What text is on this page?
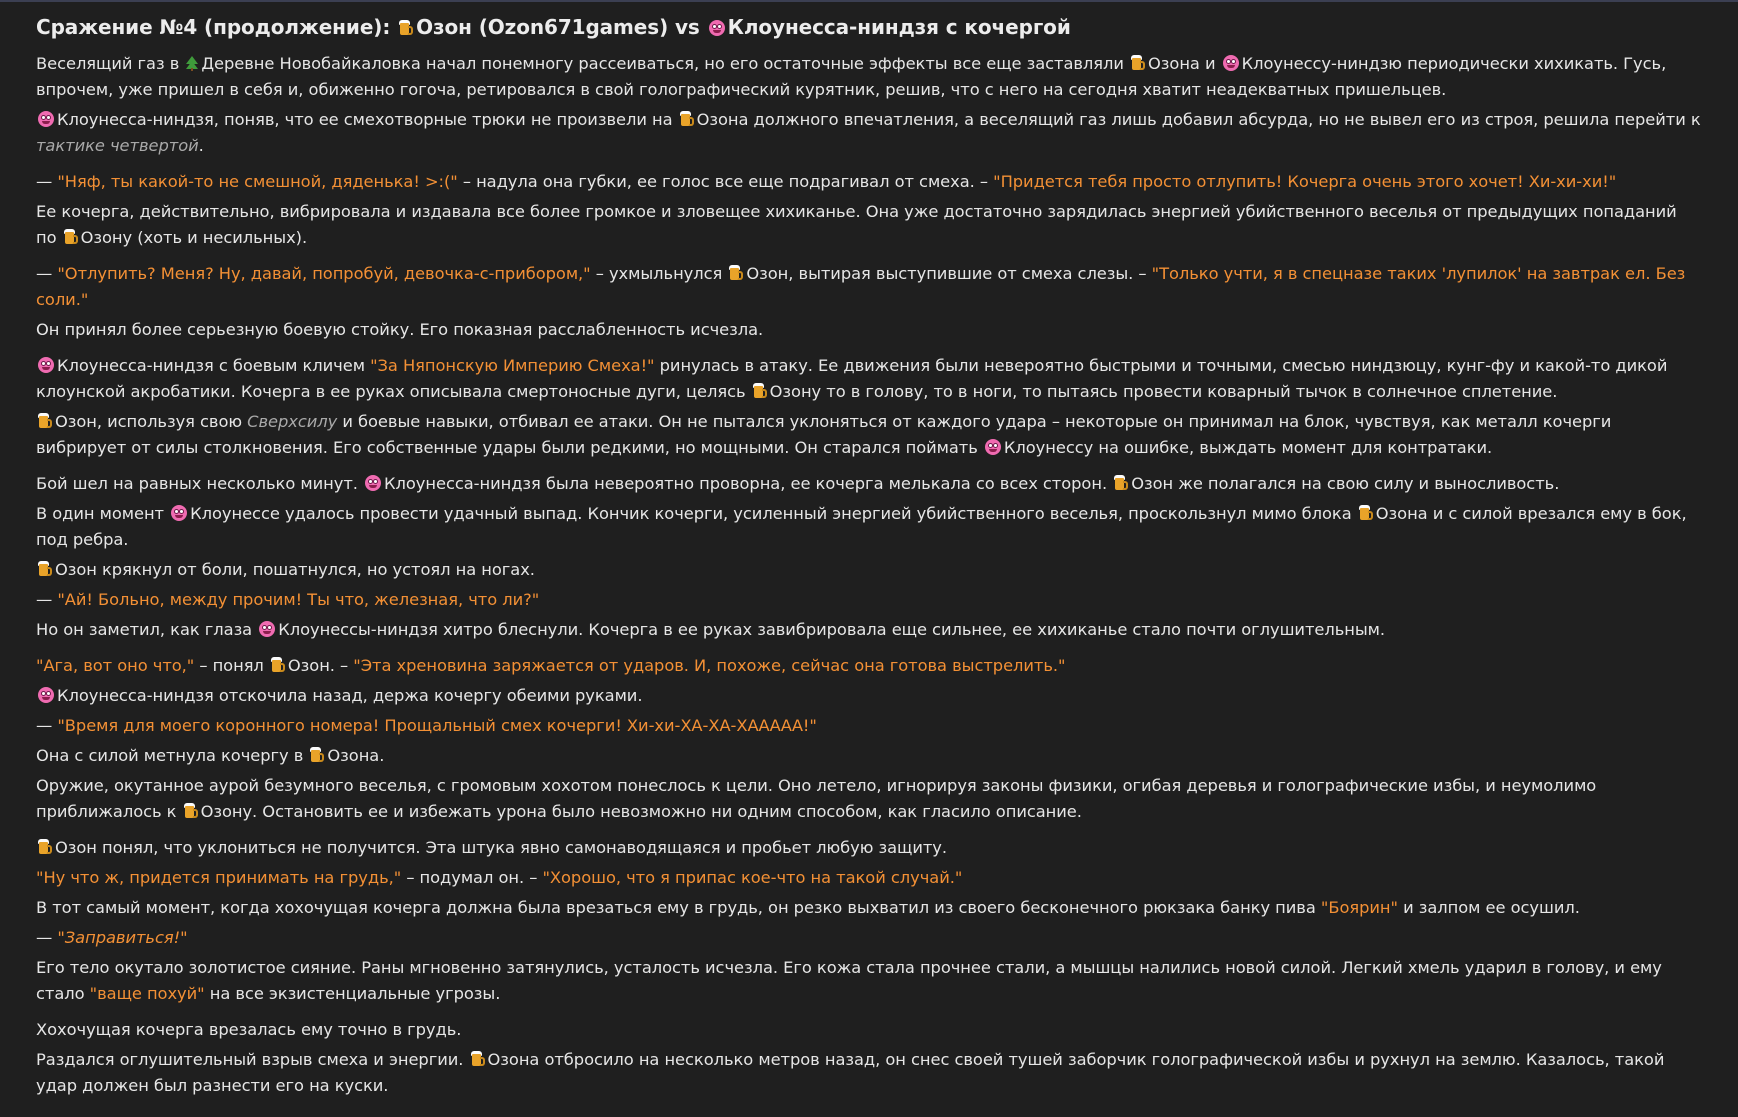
Сражение №4 (продолжение):
Озон (Ozon671games) vs
Клоунесса-ниндзя с кочергой

Веселящий газ в
Деревне Новобайкаловка начал понемногу рассеиваться, но его остаточные эффекты все еще заставляли
Озона и
Клоунессу-ниндзю периодически хихикать. Гусь, впрочем, уже пришел в себя и, обиженно гогоча, ретировался в свой голографический курятник, решив, что с него на сегодня хватит неадекватных пришельцев.

Клоунесса-ниндзя, поняв, что ее смехотворные трюки не произвели на
Озона должного впечатления, а веселящий газ лишь добавил абсурда, но не вывел его из строя, решила перейти к тактике четвертой.

— "Няф, ты какой-то не смешной, дяденька! >:(" – надула она губки, ее голос все еще подрагивал от смеха. – "Придется тебя просто отлупить! Кочерга очень этого хочет! Хи-хи-хи!"

Ее кочерга, действительно, вибрировала и издавала все более громкое и зловещее хихиканье. Она уже достаточно зарядилась энергией убийственного веселья от предыдущих попаданий по
Озону (хоть и несильных).

— "Отлупить? Меня? Ну, давай, попробуй, девочка-с-прибором," – ухмыльнулся
Озон, вытирая выступившие от смеха слезы. – "Только учти, я в спецназе таких 'лупилок' на завтрак ел. Без соли."

Он принял более серьезную боевую стойку. Его показная расслабленность исчезла.

Клоунесса-ниндзя с боевым кличем "За Няпонскую Империю Смеха!" ринулась в атаку. Ее движения были невероятно быстрыми и точными, смесью ниндзюцу, кунг-фу и какой-то дикой клоунской акробатики. Кочерга в ее руках описывала смертоносные дуги, целясь
Озону то в голову, то в ноги, то пытаясь провести коварный тычок в солнечное сплетение.

Озон, используя свою Сверхсилу и боевые навыки, отбивал ее атаки. Он не пытался уклоняться от каждого удара – некоторые он принимал на блок, чувствуя, как металл кочерги вибрирует от силы столкновения. Его собственные удары были редкими, но мощными. Он старался поймать
Клоунессу на ошибке, выждать момент для контратаки.

Бой шел на равных несколько минут.
Клоунесса-ниндзя была невероятно проворна, ее кочерга мелькала со всех сторон.
Озон же полагался на свою силу и выносливость.

В один момент
Клоунессе удалось провести удачный выпад. Кончик кочерги, усиленный энергией убийственного веселья, проскользнул мимо блока
Озона и с силой врезался ему в бок, под ребра.

Озон крякнул от боли, пошатнулся, но устоял на ногах.

— "Ай! Больно, между прочим! Ты что, железная, что ли?"

Но он заметил, как глаза
Клоунессы-ниндзя хитро блеснули. Кочерга в ее руках завибрировала еще сильнее, ее хихиканье стало почти оглушительным.

"Ага, вот оно что," – понял
Озон. – "Эта хреновина заряжается от ударов. И, похоже, сейчас она готова выстрелить."

Клоунесса-ниндзя отскочила назад, держа кочергу обеими руками.

— "Время для моего коронного номера! Прощальный смех кочерги! Хи-хи-ХА-ХА-ХААААА!"

Она с силой метнула кочергу в
Озона.

Оружие, окутанное аурой безумного веселья, с громовым хохотом понеслось к цели. Оно летело, игнорируя законы физики, огибая деревья и голографические избы, и неумолимо приближалось к
Озону. Остановить ее и избежать урона было невозможно ни одним способом, как гласило описание.

Озон понял, что уклониться не получится. Эта штука явно самонаводящаяся и пробьет любую защиту.

"Ну что ж, придется принимать на грудь," – подумал он. – "Хорошо, что я припас кое-что на такой случай."

В тот самый момент, когда хохочущая кочерга должна была врезаться ему в грудь, он резко выхватил из своего бесконечного рюкзака банку пива "Боярин" и залпом ее осушил.

— "Заправиться!"

Его тело окутало золотистое сияние. Раны мгновенно затянулись, усталость исчезла. Его кожа стала прочнее стали, а мышцы налились новой силой. Легкий хмель ударил в голову, и ему стало "ваще похуй" на все экзистенциальные угрозы.

Хохочущая кочерга врезалась ему точно в грудь.

Раздался оглушительный взрыв смеха и энергии.
Озона отбросило на несколько метров назад, он снес своей тушей заборчик голографической избы и рухнул на землю. Казалось, такой удар должен был разнести его на куски.
